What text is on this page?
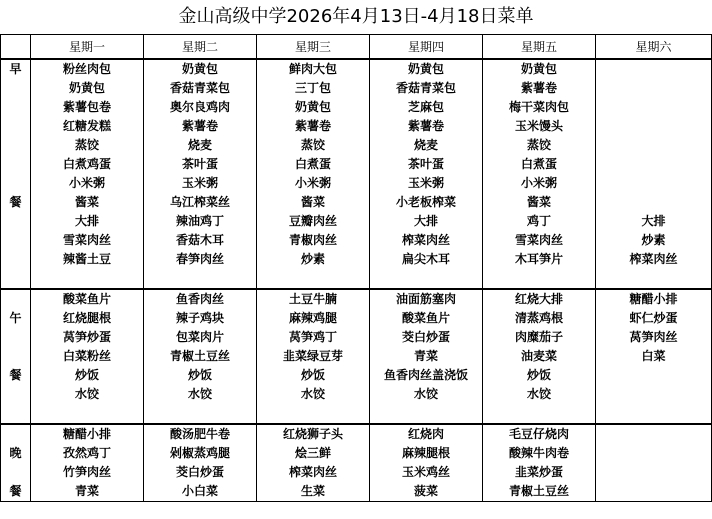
金山高级中学2026年4月13日-4月18日菜单
	星期一	星期二	星期三	星期四	星期五	星期六
早	粉丝肉包	奶黄包	鲜肉大包	奶黄包	奶黄包	
	奶黄包	香菇青菜包	三丁包	香菇青菜包	紫薯卷	
	紫薯包卷	奥尔良鸡肉	奶黄包	芝麻包	梅干菜肉包	
	红糖发糕	紫薯卷	紫薯卷	紫薯卷	玉米馒头	
	蒸饺	烧麦	蒸饺	烧麦	蒸饺	
	白煮鸡蛋	茶叶蛋	白煮蛋	茶叶蛋	白煮蛋	
	小米粥	玉米粥	小米粥	玉米粥	小米粥	
餐	酱菜	乌江榨菜丝	酱菜	小老板榨菜	酱菜	
	大排	辣油鸡丁	豆瓣肉丝	大排	鸡丁	大排
	雪菜肉丝	香菇木耳	青椒肉丝	榨菜肉丝	雪菜肉丝	炒素
	辣酱土豆	春笋肉丝	炒素	扁尖木耳	木耳笋片	榨菜肉丝

	酸菜鱼片	鱼香肉丝	土豆牛腩	油面筋塞肉	红烧大排	糖醋小排
午	红烧腿根	辣子鸡块	麻辣鸡腿	酸菜鱼片	清蒸鸡根	虾仁炒蛋
	莴笋炒蛋	包菜肉片	莴笋鸡丁	茭白炒蛋	肉糜茄子	莴笋肉丝
	白菜粉丝	青椒土豆丝	韭菜绿豆芽	青菜	油麦菜	白菜
餐	炒饭	炒饭	炒饭	鱼香肉丝盖浇饭	炒饭	
	水饺	水饺	水饺	水饺	水饺	

	糖醋小排	酸汤肥牛卷	红烧狮子头	红烧肉	毛豆仔烧肉	
晚	孜然鸡丁	剁椒蒸鸡腿	烩三鲜	麻辣腿根	酸辣牛肉卷	
	竹笋肉丝	茭白炒蛋	榨菜肉丝	玉米鸡丝	韭菜炒蛋	
餐	青菜	小白菜	生菜	菠菜	青椒土豆丝	
